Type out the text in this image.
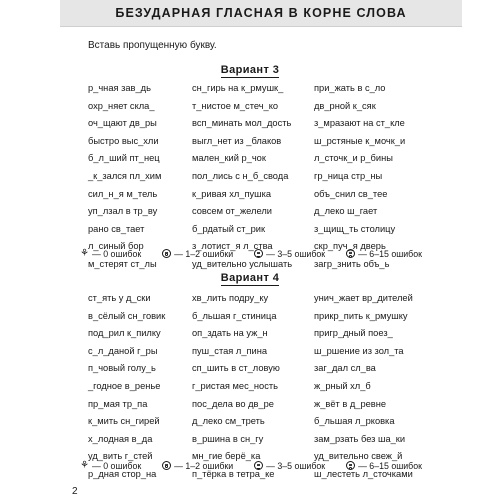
БЕЗУДАРНАЯ ГЛАСНАЯ В КОРНЕ СЛОВА
Вставь пропущенную букву.
Вариант 3
р_чная зав_дь	сн_гирь на к_рмушк_	при_жать в с_ло
охр_няет скла_	т_нистое м_стеч_ко	дв_рной к_сяк
оч_щают дв_ры	всп_минать мол_дость	з_мразают на ст_кле
быстро выс_хли	выгл_нет из _блаков	ш_рстяные к_мочк_и
б_л_ший пт_нец	мален_кий р_чок	л_сточк_и р_бины
_к_зался пл_хим	пол_лись с н_б_свода	гр_ница стр_ны
сил_н_я м_тель	к_ривая хл_пушка	объ_снил св_тее
уп_лзал в тр_ву	совсем от_желели	д_леко ш_гает
рано св_тает	б_рдатый ст_рик	з_щищ_ть столицу
л_синый бор	з_лотист_я л_ства	скр_пуч_я дверь
м_стерят ст_лы	уд_вительно услышать	загр_знить объ_ь
⚘ — 0 ошибок	— 1–2 ошибки	— 3–5 ошибок	— 6–15 ошибок
Вариант 4
ст_ять у д_ски	хв_лить подру_ку	унич_жает вр_дителей
в_сёлый сн_говик	б_льшая г_стиница	прикр_пить к_рмушку
под_рил к_пилку	оп_здать на уж_н	пригр_дный поез_
с_л_даной г_ры	пуш_стая л_пина	ш_ршение из зол_та
п_човый голу_ь	сп_шить в ст_ловую	заг_дал сл_ва
_годное в_ренье	г_ристая мес_ность	ж_рный хл_б
пр_мая тр_па	пос_дела во дв_ре	ж_вёт в д_ревне
к_мить сн_гирей	д_леко см_треть	б_льшая л_рковка
х_лодная в_да	в_ршина в сн_гу	зам_рзать без ша_ки
уд_вить г_стей	мн_гие берё_ка	уд_вительно свеж_й
р_дная стор_на	п_тёрка в тетра_ке	ш_лестеть л_сточками
⚘ — 0 ошибок	— 1–2 ошибки	— 3–5 ошибок	— 6–15 ошибок
2
